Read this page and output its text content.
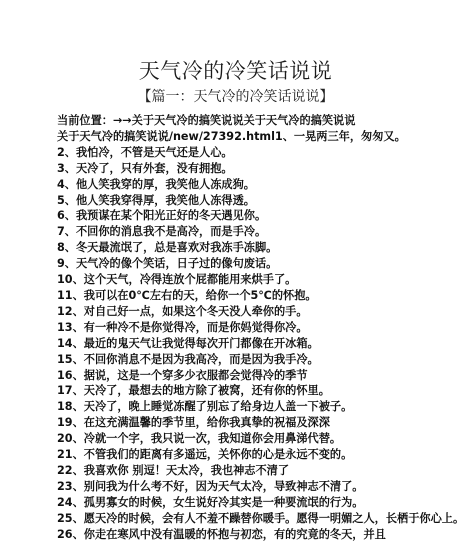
天气冷的冷笑话说说
【篇一：天气冷的冷笑话说说】
当前位置：→→关于天气冷的搞笑说说关于天气冷的搞笑说说
关于天气冷的搞笑说说/new/27392.html1、一晃两三年，匆匆又。
2、我怕冷，不管是天气还是人心。
3、天冷了，只有外套，没有拥抱。
4、他人笑我穿的厚，我笑他人冻成狗。
5、他人笑我穿得厚，我笑他人冻得透。
6、我预谋在某个阳光正好的冬天遇见你。
7、不回你的消息我不是高冷，而是手冷。
8、冬天最流氓了，总是喜欢对我冻手冻脚。
9、天气冷的像个笑话，日子过的像句废话。
10、这个天气，冷得连放个屁都能用来烘手了。
11、我可以在0℃左右的天，给你一个5℃的怀抱。
12、对自己好一点，如果这个冬天没人牵你的手。
13、有一种冷不是你觉得冷，而是你妈觉得你冷。
14、最近的鬼天气让我觉得每次开门都像在开冰箱。
15、不回你消息不是因为我高冷，而是因为我手冷。
16、据说，这是一个穿多少衣服都会觉得冷的季节
17、天冷了，最想去的地方除了被窝，还有你的怀里。
18、天冷了，晚上睡觉冻醒了别忘了给身边人盖一下被子。
19、在这充满温馨的季节里，给你我真挚的祝福及深深
20、冷就一个字，我只说一次，我知道你会用鼻涕代替。
21、不管我们的距离有多遥远，关怀你的心是永远不变的。
22、我喜欢你 别逗！天太冷，我也神志不清了
23、别问我为什么考不好，因为天气太冷，导致神志不清了。
24、孤男寡女的时候，女生说好冷其实是一种要流氓的行为。
25、愿天冷的时候，会有人不羞不躁替你暖手。愿得一明媚之人，长栖于你心上。
26、你走在寒风中没有温暖的怀抱与初恋，有的究竟的冬天，并且
